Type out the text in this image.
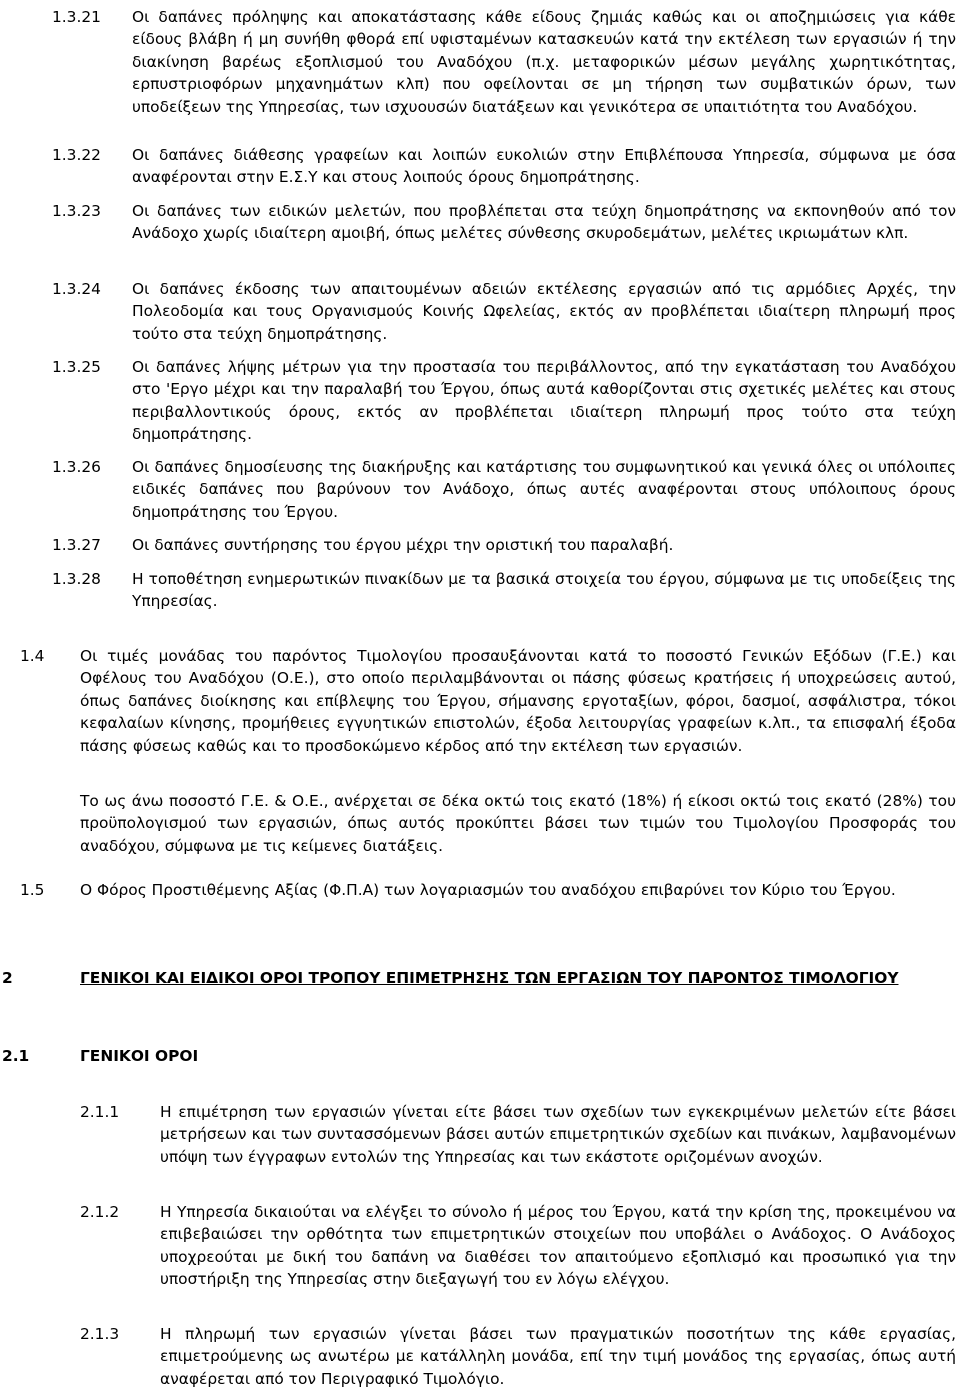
1.3.21 Οι δαπάνες πρόληψης και αποκατάστασης κάθε είδους ζημιάς καθώς και οι αποζημιώσεις για κάθε είδους βλάβη ή μη συνήθη φθορά επί υφισταμένων κατασκευών κατά την εκτέλεση των εργασιών ή την διακίνηση βαρέως εξοπλισμού του Αναδόχου (π.χ. μεταφορικών μέσων μεγάλης χωρητικότητας, ερπυστριοφόρων μηχανημάτων κλπ) που οφείλονται σε μη τήρηση των συμβατικών όρων, των υποδείξεων της Υπηρεσίας, των ισχυουσών διατάξεων και γενικότερα σε υπαιτιότητα του Αναδόχου.
1.3.22 Οι δαπάνες διάθεσης γραφείων και λοιπών ευκολιών στην Επιβλέπουσα Υπηρεσία, σύμφωνα με όσα αναφέρονται στην Ε.Σ.Υ και στους λοιπούς όρους δημοπράτησης.
1.3.23 Οι δαπάνες των ειδικών μελετών, που προβλέπεται στα τεύχη δημοπράτησης να εκπονηθούν από τον Ανάδοχο χωρίς ιδιαίτερη αμοιβή, όπως μελέτες σύνθεσης σκυροδεμάτων, μελέτες ικριωμάτων κλπ.
1.3.24 Οι δαπάνες έκδοσης των απαιτουμένων αδειών εκτέλεσης εργασιών από τις αρμόδιες Αρχές, την Πολεοδομία και τους Οργανισμούς Κοινής Ωφελείας, εκτός αν προβλέπεται ιδιαίτερη πληρωμή προς τούτο στα τεύχη δημοπράτησης.
1.3.25 Οι δαπάνες λήψης μέτρων για την προστασία του περιβάλλοντος, από την εγκατάσταση του Αναδόχου στο 'Εργο μέχρι και την παραλαβή του Έργου, όπως αυτά καθορίζονται στις σχετικές μελέτες και στους περιβαλλοντικούς όρους, εκτός αν προβλέπεται ιδιαίτερη πληρωμή προς τούτο στα τεύχη δημοπράτησης.
1.3.26 Οι δαπάνες δημοσίευσης της διακήρυξης και κατάρτισης του συμφωνητικού και γενικά όλες οι υπόλοιπες ειδικές δαπάνες που βαρύνουν τον Ανάδοχο, όπως αυτές αναφέρονται στους υπόλοιπους όρους δημοπράτησης του Έργου.
1.3.27 Οι δαπάνες συντήρησης του έργου μέχρι την οριστική του παραλαβή.
1.3.28 Η τοποθέτηση ενημερωτικών πινακίδων με τα βασικά στοιχεία του έργου, σύμφωνα με τις υποδείξεις της Υπηρεσίας.
1.4 Οι τιμές μονάδας του παρόντος Τιμολογίου προσαυξάνονται κατά το ποσοστό Γενικών Εξόδων (Γ.Ε.) και Οφέλους του Αναδόχου (Ο.Ε.), στο οποίο περιλαμβάνονται οι πάσης φύσεως κρατήσεις ή υποχρεώσεις αυτού, όπως δαπάνες διοίκησης και επίβλεψης του Έργου, σήμανσης εργοταξίων, φόροι, δασμοί, ασφάλιστρα, τόκοι κεφαλαίων κίνησης, προμήθειες εγγυητικών επιστολών, έξοδα λειτουργίας γραφείων κ.λπ., τα επισφαλή έξοδα πάσης φύσεως καθώς και το προσδοκώμενο κέρδος από την εκτέλεση των εργασιών.
Το ως άνω ποσοστό Γ.Ε. & Ο.Ε., ανέρχεται σε δέκα οκτώ τοις εκατό (18%) ή είκοσι οκτώ τοις εκατό (28%) του προϋπολογισμού των εργασιών, όπως αυτός προκύπτει βάσει των τιμών του Τιμολογίου Προσφοράς του αναδόχου, σύμφωνα με τις κείμενες διατάξεις.
1.5 Ο Φόρος Προστιθέμενης Αξίας (Φ.Π.Α) των λογαριασμών του αναδόχου επιβαρύνει τον Κύριο του Έργου.
2	ΓΕΝΙΚΟΙ ΚΑΙ ΕΙΔΙΚΟΙ ΟΡΟΙ ΤΡΟΠΟΥ ΕΠΙΜΕΤΡΗΣΗΣ ΤΩΝ ΕΡΓΑΣΙΩΝ ΤΟΥ ΠΑΡΟΝΤΟΣ ΤΙΜΟΛΟΓΙΟΥ
2.1	ΓΕΝΙΚΟΙ ΟΡΟΙ
2.1.1	Η επιμέτρηση των εργασιών γίνεται είτε βάσει των σχεδίων των εγκεκριμένων μελετών είτε βάσει μετρήσεων και των συντασσόμενων βάσει αυτών επιμετρητικών σχεδίων και πινάκων, λαμβανομένων υπόψη των έγγραφων εντολών της Υπηρεσίας και των εκάστοτε οριζομένων ανοχών.
2.1.2	Η Υπηρεσία δικαιούται να ελέγξει το σύνολο ή μέρος του Έργου, κατά την κρίση της, προκειμένου να επιβεβαιώσει την ορθότητα των επιμετρητικών στοιχείων που υποβάλει ο Ανάδοχος. Ο Ανάδοχος υποχρεούται με δική του δαπάνη να διαθέσει τον απαιτούμενο εξοπλισμό και προσωπικό για την υποστήριξη της Υπηρεσίας στην διεξαγωγή του εν λόγω ελέγχου.
2.1.3	Η πληρωμή των εργασιών γίνεται βάσει των πραγματικών ποσοτήτων της κάθε εργασίας, επιμετρούμενης ως ανωτέρω με κατάλληλη μονάδα, επί την τιμή μονάδος της εργασίας, όπως αυτή αναφέρεται από τον Περιγραφικό Τιμολόγιο.
